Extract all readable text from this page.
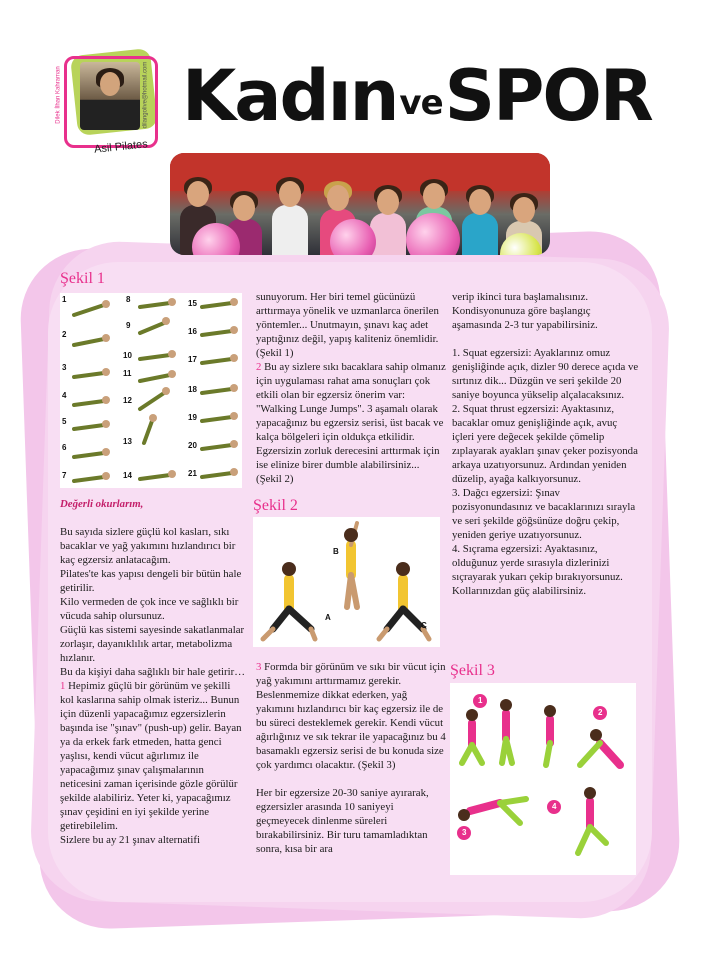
Dilek İlhan Kahraman	dilangolive@hotmail.com
Asil Pilates
KadınveSPOR
Şekil 1
1
2
3
4
5
6
7
8
9
10
11
12
13
14
15
16
17
18
19
20
21

Değerli okurlarım,

Bu sayıda sizlere güçlü kol kasları, sıkı bacaklar ve yağ yakımını hızlandırıcı bir kaç egzersiz anlatacağım.

Pilates'te kas yapısı dengeli bir bütün hale getirilir.

Kilo vermeden de çok ince ve sağlıklı bir vücuda sahip olursunuz.

Güçlü kas sistemi sayesinde sakatlanmalar zorlaşır, dayanıklılık artar, metabolizma hızlanır.

Bu da kişiyi daha sağlıklı bir hale getirir…

1 Hepimiz güçlü bir görünüm ve şekilli kol kaslarına sahip olmak isteriz... Bunun için düzenli yapacağımız egzersizlerin başında ise "şınav" (push-up) gelir. Bayan ya da erkek fark etmeden, hatta genci yaşlısı, kendi vücut ağırlımız ile yapacağımız şınav çalışmalarının neticesini zaman içerisinde gözle görülür şekilde alabiliriz. Yeter ki, yapacağımız şınav çeşidini en iyi şekilde yerine getirebilelim.

Sizlere bu ay 21 şınav alternatifi

sunuyorum. Her biri temel gücünüzü arttırmaya yönelik ve uzmanlarca önerilen yöntemler... Unutmayın, şınavı kaç adet yaptığınız değil, yapış kaliteniz önemlidir. (Şekil 1)

2 Bu ay sizlere sıkı bacaklara sahip olmanız için uygulaması rahat ama sonuçları çok etkili olan bir egzersiz önerim var: "Walking Lunge Jumps". 3 aşamalı olarak yapacağınız bu egzersiz serisi, üst bacak ve kalça bölgeleri için oldukça etkilidir. Egzersizin zorluk derecesini arttırmak için ise elinize birer dumble alabilirsiniz... (Şekil 2)

Şekil 2
A
B
C

3 Formda bir görünüm ve sıkı bir vücut için yağ yakımını arttırmamız gerekir. Beslenmemize dikkat ederken, yağ yakımını hızlandırıcı bir kaç egzersiz ile de bu süreci desteklemek gerekir. Kendi vücut ağırlığınız ve sık tekrar ile yapacağınız bu 4 basamaklı egzersiz serisi de bu konuda size çok yardımcı olacaktır. (Şekil 3)

Her bir egzersize 20-30 saniye ayırarak, egzersizler arasında 10 saniyeyi geçmeyecek dinlenme süreleri bırakabilirsiniz. Bir turu tamamladıktan sonra, kısa bir ara

verip ikinci tura başlamalısınız. Kondisyonunuza göre başlangıç aşamasında 2-3 tur yapabilirsiniz.

1. Squat egzersizi: Ayaklarınız omuz genişliğinde açık, dizler 90 derece açıda ve sırtınız dik... Düzgün ve seri şekilde 20 saniye boyunca yükselip alçalacaksınız.

2. Squat thrust egzersizi: Ayaktasınız, bacaklar omuz genişliğinde açık, avuç içleri yere değecek şekilde çömelip zıplayarak ayakları şınav çeker pozisyonda arkaya uzatıyorsunuz. Ardından yeniden düzelip, ayağa kalkıyorsunuz.

3. Dağcı egzersizi: Şınav pozisyonundasınız ve bacaklarınızı sırayla ve seri şekilde göğsünüze doğru çekip, yeniden geriye uzatıyorsunuz.

4. Sıçrama egzersizi: Ayaktasınız, olduğunuz yerde sırasıyla dizlerinizi sıçrayarak yukarı çekip bırakıyorsunuz. Kollarınızdan güç alabilirsiniz.

Şekil 3
1
2
3
4
